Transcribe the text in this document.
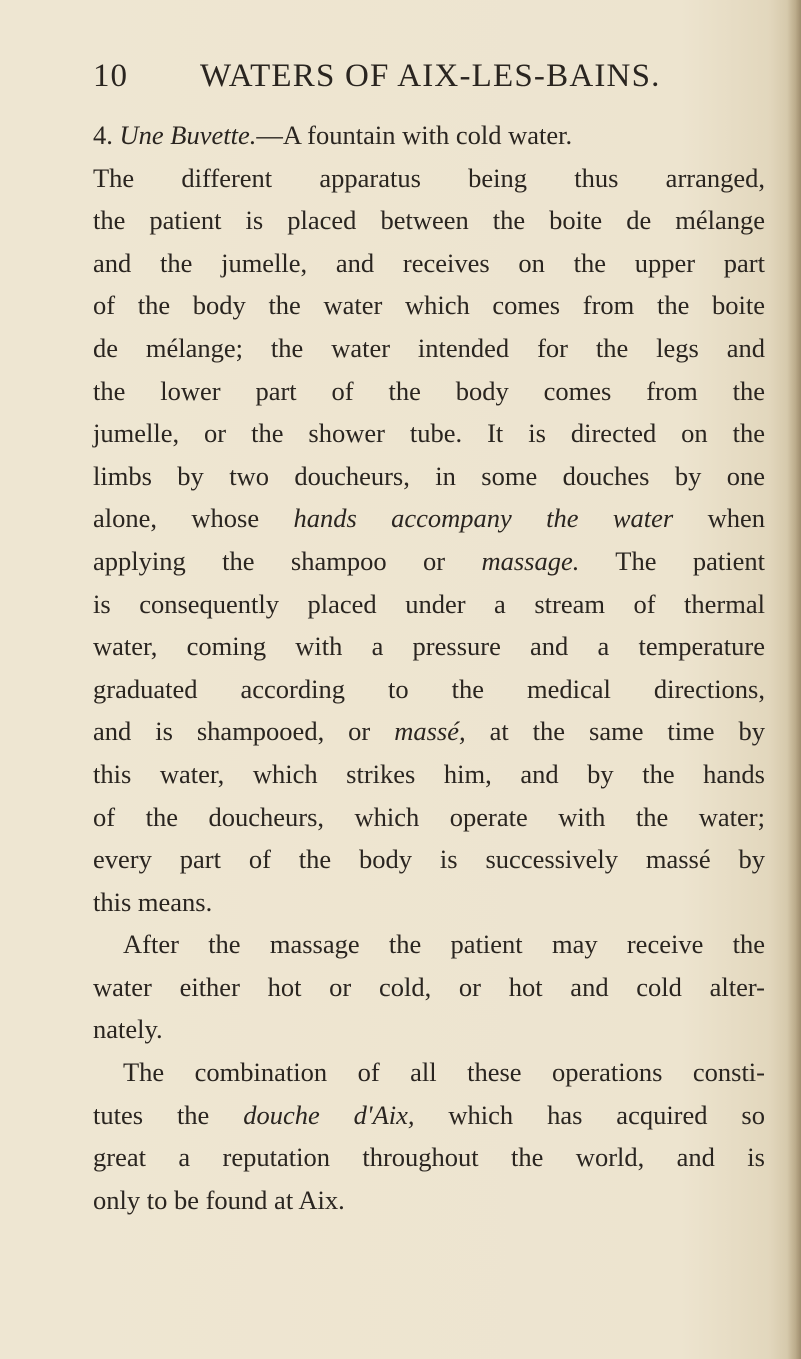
10 WATERS OF AIX-LES-BAINS.
4. Une Buvette.—A fountain with cold water.
The different apparatus being thus arranged,
the patient is placed between the boite de mélange
and the jumelle, and receives on the upper part
of the body the water which comes from the boite
de mélange; the water intended for the legs and
the lower part of the body comes from the
jumelle, or the shower tube. It is directed on the
limbs by two doucheurs, in some douches by one
alone, whose hands accompany the water when
applying the shampoo or massage. The patient
is consequently placed under a stream of thermal
water, coming with a pressure and a temperature
graduated according to the medical directions,
and is shampooed, or massé, at the same time by
this water, which strikes him, and by the hands
of the doucheurs, which operate with the water;
every part of the body is successively massé by
this means.
After the massage the patient may receive the
water either hot or cold, or hot and cold alter-
nately.
The combination of all these operations consti-
tutes the douche d'Aix, which has acquired so
great a reputation throughout the world, and is
only to be found at Aix.
